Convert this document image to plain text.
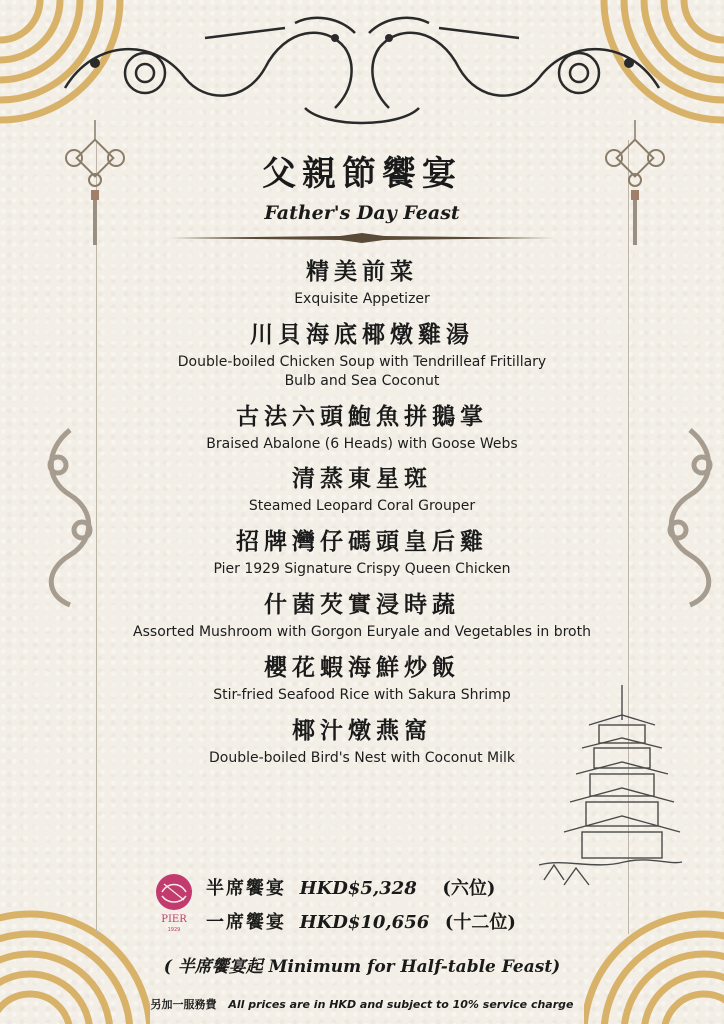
父親節饗宴
Father's Day Feast
精美前菜
Exquisite Appetizer
川貝海底椰燉雞湯
Double-boiled Chicken Soup with Tendrilleaf Fritillary
Bulb and Sea Coconut
古法六頭鮑魚拼鵝掌
Braised Abalone (6 Heads) with Goose Webs
清蒸東星斑
Steamed Leopard Coral Grouper
招牌灣仔碼頭皇后雞
Pier 1929 Signature Crispy Queen Chicken
什菌芡實浸時蔬
Assorted Mushroom with Gorgon Euryale and Vegetables in broth
櫻花蝦海鮮炒飯
Stir-fried Seafood Rice with Sakura Shrimp
椰汁燉燕窩
Double-boiled Bird's Nest with Coconut Milk
PIER
1929
半席饗宴 HKD$5,328 (六位)
一席饗宴 HKD$10,656 (十二位)
( 半席饗宴起 Minimum for Half-table Feast)
另加一服務費 All prices are in HKD and subject to 10% service charge
